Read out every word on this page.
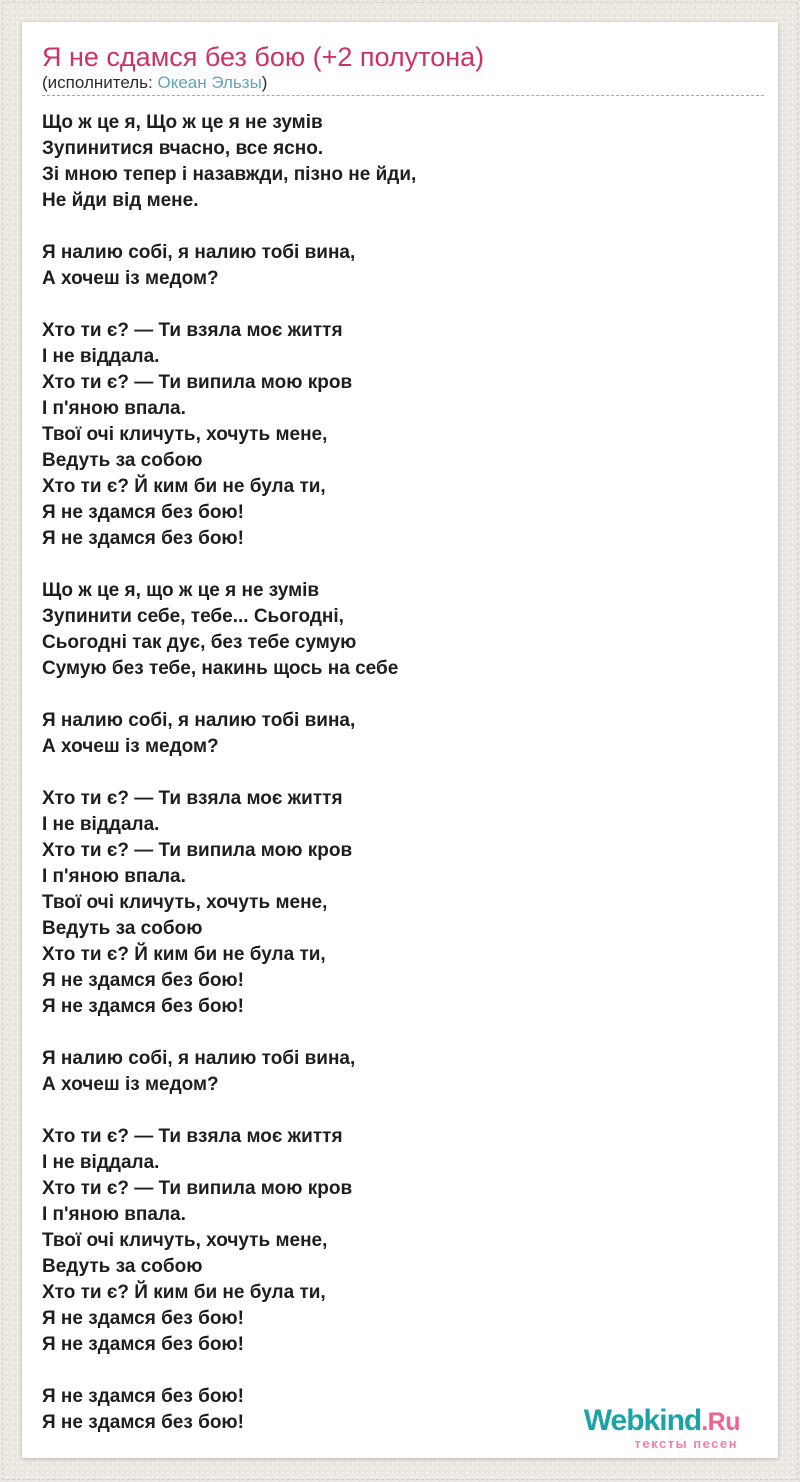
Я не сдамся без бою (+2 полутона)
(исполнитель: Океан Эльзы)
Що ж це я, Що ж це я не зумів
Зупинитися вчасно, все ясно.
Зі мною тепер і назавжди, пізно не йди,
Не йди від мене.
Я налию собі, я налию тобі вина,
А хочеш із медом?
Хто ти є? — Ти взяла моє життя
І не віддала.
Хто ти є? — Ти випила мою кров
І п'яною впала.
Твої очі кличуть, хочуть мене,
Ведуть за собою
Хто ти є? Й ким би не була ти,
Я не здамся без бою!
Я не здамся без бою!
Що ж це я, що ж це я не зумів
Зупинити себе, тебе... Сьогодні,
Сьогодні так дує, без тебе сумую
Сумую без тебе, накинь щось на себе
Я налию собі, я налию тобі вина,
А хочеш із медом?
Хто ти є? — Ти взяла моє життя
І не віддала.
Хто ти є? — Ти випила мою кров
І п'яною впала.
Твої очі кличуть, хочуть мене,
Ведуть за собою
Хто ти є? Й ким би не була ти,
Я не здамся без бою!
Я не здамся без бою!
Я налию собі, я налию тобі вина,
А хочеш із медом?
Хто ти є? — Ти взяла моє життя
І не віддала.
Хто ти є? — Ти випила мою кров
І п'яною впала.
Твої очі кличуть, хочуть мене,
Ведуть за собою
Хто ти є? Й ким би не була ти,
Я не здамся без бою!
Я не здамся без бою!
Я не здамся без бою!
Я не здамся без бою!	Webkind.Ru
тексты песен
